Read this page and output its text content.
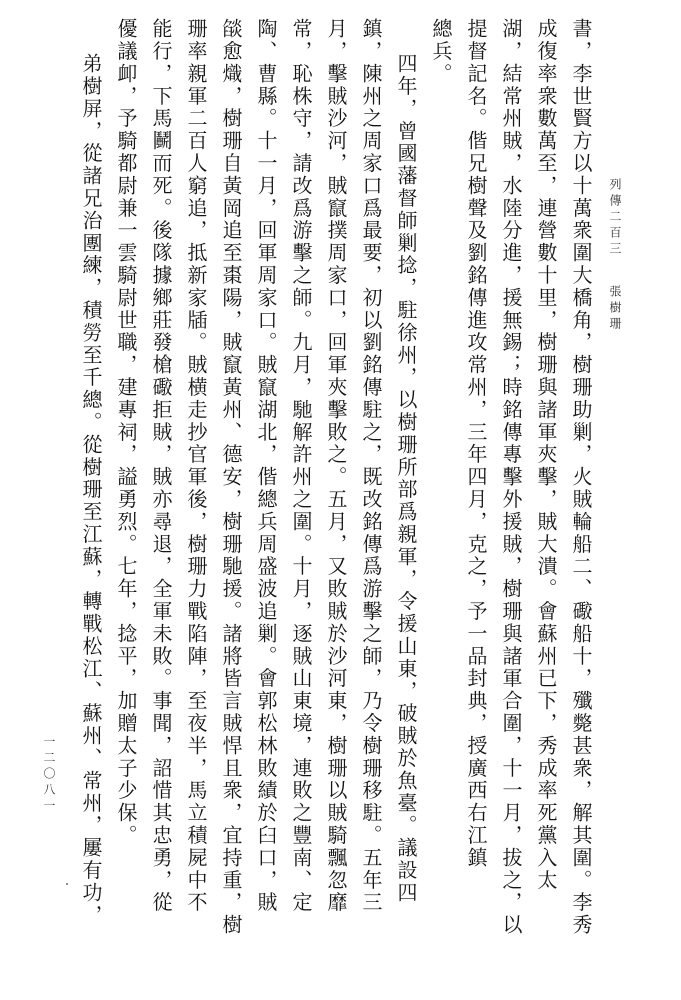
書，李世賢方以十萬衆圍大橋角，樹珊助剿，火賊輪船二、礮船十，殲斃甚衆，解其圍。李秀
成復率衆數萬至，連營數十里，樹珊與諸軍夾擊，賊大潰。會蘇州已下，秀成率死黨入太
湖，結常州賊，水陸分進，援無錫；時銘傳專擊外援賊，樹珊與諸軍合圍，十一月，拔之，以
提督記名。偕兄樹聲及劉銘傳進攻常州，三年四月，克之，予一品封典，授廣西右江鎮
總兵。
四年，曾國藩督師剿捻，駐徐州，以樹珊所部爲親軍，令援山東，破賊於魚臺。議設四
鎮，陳州之周家口爲最要，初以劉銘傳駐之，既改銘傳爲游擊之師，乃令樹珊移駐。五年三
月，擊賊沙河，賊竄撲周家口，回軍夾擊敗之。五月，又敗賊於沙河東，樹珊以賊騎飄忽靡
常，恥株守，請改爲游擊之師。九月，馳解許州之圍。十月，逐賊山東境，連敗之豐南、定
陶、曹縣。十一月，回軍周家口。賊竄湖北，偕總兵周盛波追剿。會郭松林敗績於臼口，賊
燄愈熾，樹珊自黃岡追至棗陽，賊竄黃州、德安，樹珊馳援。諸將皆言賊悍且衆，宜持重，樹
珊率親軍二百人窮追，抵新家牐。賊横走抄官軍後，樹珊力戰陷陣，至夜半，馬立積屍中不
能行，下馬鬭而死。後隊據鄉莊發槍礮拒賊，賊亦尋退，全軍未敗。事聞，詔惜其忠勇，從
優議卹，予騎都尉兼一雲騎尉世職，建專祠，謚勇烈。七年，捻平，加贈太子少保。
弟樹屏，從諸兄治團練，積勞至千總。從樹珊至江蘇，轉戰松江、蘇州、常州，屢有功，	列傳二百三
張樹珊
一二〇八一
